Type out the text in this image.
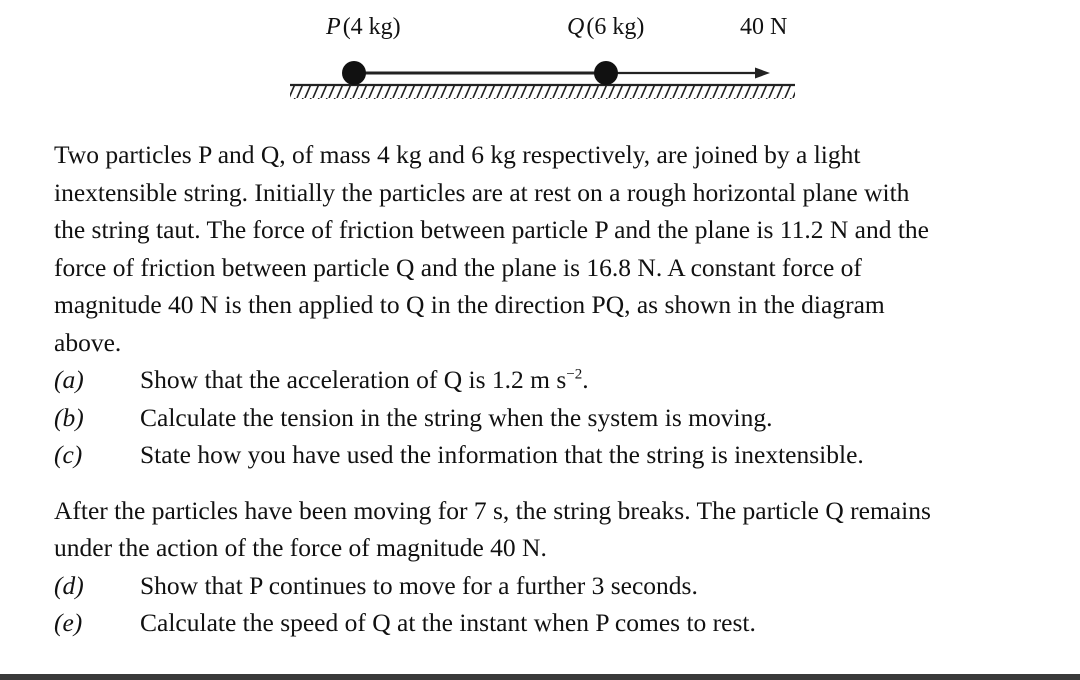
P (4 kg)	Q (6 kg)	40 N

Two particles P and Q, of mass 4 kg and 6 kg respectively, are joined by a light

inextensible string. Initially the particles are at rest on a rough horizontal plane with

the string taut. The force of friction between particle P and the plane is 11.2 N and the

force of friction between particle Q and the plane is 16.8 N. A constant force of

magnitude 40 N is then applied to Q in the direction PQ, as shown in the diagram

above.

(a)	Show that the acceleration of Q is 1.2 m $s^{-2}$.
(b)	Calculate the tension in the string when the system is moving.
(c)	State how you have used the information that the string is inextensible.

After the particles have been moving for 7 s, the string breaks. The particle Q remains

under the action of the force of magnitude 40 N.

(d)	Show that P continues to move for a further 3 seconds.
(e)	Calculate the speed of Q at the instant when P comes to rest.
